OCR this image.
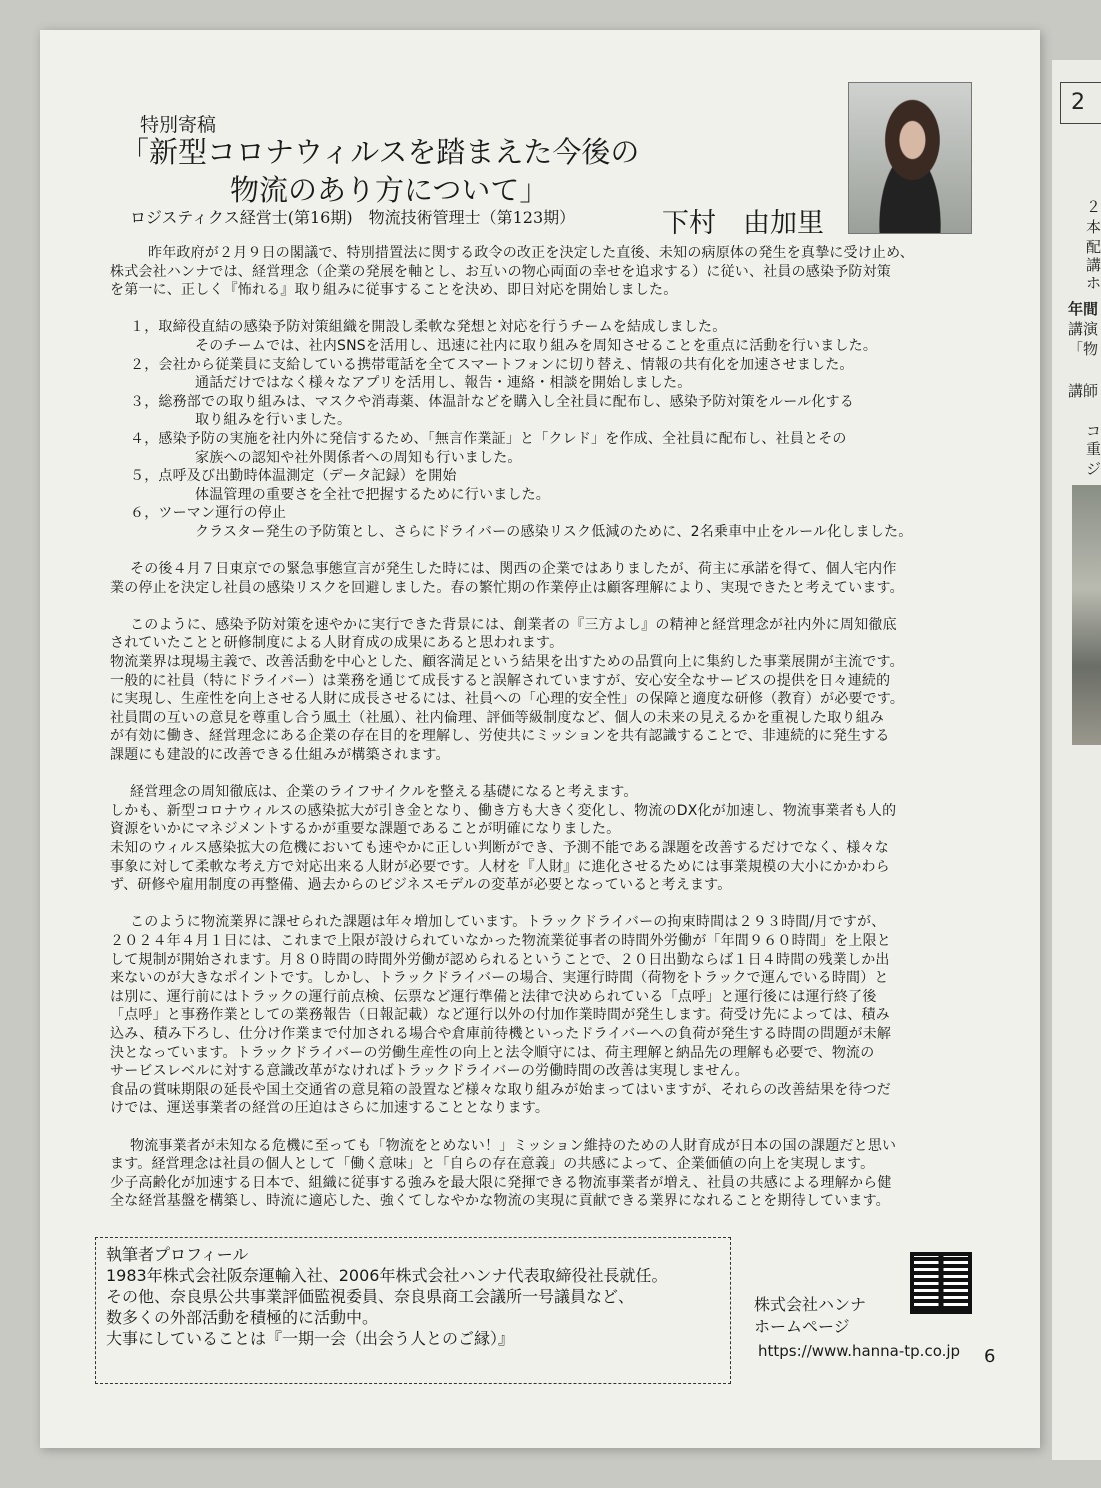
2
２
本
配
講
ホ
年間
講演
「物
講師
コ
重
ジ
特別寄稿
「新型コロナウィルスを踏まえた今後の
物流のあり方について」
ロジスティクス経営士(第16期)　物流技術管理士（第123期）	下村　由加里
昨年政府が２月９日の閣議で、特別措置法に関する政令の改正を決定した直後、未知の病原体の発生を真摯に受け止め、
株式会社ハンナでは、経営理念（企業の発展を軸とし、お互いの物心両面の幸せを追求する）に従い、社員の感染予防対策
を第一に、正しく『怖れる』取り組みに従事することを決め、即日対応を開始しました。
１，取締役直結の感染予防対策組織を開設し柔軟な発想と対応を行うチームを結成しました。
そのチームでは、社内SNSを活用し、迅速に社内に取り組みを周知させることを重点に活動を行いました。
２，会社から従業員に支給している携帯電話を全てスマートフォンに切り替え、情報の共有化を加速させました。
通話だけではなく様々なアプリを活用し、報告・連絡・相談を開始しました。
３，総務部での取り組みは、マスクや消毒薬、体温計などを購入し全社員に配布し、感染予防対策をルール化する
取り組みを行いました。
４，感染予防の実施を社内外に発信するため、「無言作業証」と「クレド」を作成、全社員に配布し、社員とその
家族への認知や社外関係者への周知も行いました。
５，点呼及び出勤時体温測定（データ記録）を開始
体温管理の重要さを全社で把握するために行いました。
６，ツーマン運行の停止
クラスター発生の予防策とし、さらにドライバーの感染リスク低減のために、2名乗車中止をルール化しました。
その後４月７日東京での緊急事態宣言が発生した時には、関西の企業ではありましたが、荷主に承諾を得て、個人宅内作
業の停止を決定し社員の感染リスクを回避しました。春の繁忙期の作業停止は顧客理解により、実現できたと考えています。
このように、感染予防対策を速やかに実行できた背景には、創業者の『三方よし』の精神と経営理念が社内外に周知徹底
されていたことと研修制度による人財育成の成果にあると思われます。
物流業界は現場主義で、改善活動を中心とした、顧客満足という結果を出すための品質向上に集約した事業展開が主流です。
一般的に社員（特にドライバー）は業務を通じて成長すると誤解されていますが、安心安全なサービスの提供を日々連続的
に実現し、生産性を向上させる人財に成長させるには、社員への「心理的安全性」の保障と適度な研修（教育）が必要です。
社員間の互いの意見を尊重し合う風土（社風）、社内倫理、評価等級制度など、個人の未来の見えるかを重視した取り組み
が有効に働き、経営理念にある企業の存在目的を理解し、労使共にミッションを共有認識することで、非連続的に発生する
課題にも建設的に改善できる仕組みが構築されます。
経営理念の周知徹底は、企業のライフサイクルを整える基礎になると考えます。
しかも、新型コロナウィルスの感染拡大が引き金となり、働き方も大きく変化し、物流のDX化が加速し、物流事業者も人的
資源をいかにマネジメントするかが重要な課題であることが明確になりました。
未知のウィルス感染拡大の危機においても速やかに正しい判断ができ、予測不能である課題を改善するだけでなく、様々な
事象に対して柔軟な考え方で対応出来る人財が必要です。人材を『人財』に進化させるためには事業規模の大小にかかわら
ず、研修や雇用制度の再整備、過去からのビジネスモデルの変革が必要となっていると考えます。
このように物流業界に課せられた課題は年々増加しています。トラックドライバーの拘束時間は２９３時間/月ですが、
２０２４年４月１日には、これまで上限が設けられていなかった物流業従事者の時間外労働が「年間９６０時間」を上限と
して規制が開始されます。月８０時間の時間外労働が認められるということで、２０日出勤ならば１日４時間の残業しか出
来ないのが大きなポイントです。しかし、トラックドライバーの場合、実運行時間（荷物をトラックで運んでいる時間）と
は別に、運行前にはトラックの運行前点検、伝票など運行準備と法律で決められている「点呼」と運行後には運行終了後
「点呼」と事務作業としての業務報告（日報記載）など運行以外の付加作業時間が発生します。荷受け先によっては、積み
込み、積み下ろし、仕分け作業まで付加される場合や倉庫前待機といったドライバーへの負荷が発生する時間の問題が未解
決となっています。トラックドライバーの労働生産性の向上と法令順守には、荷主理解と納品先の理解も必要で、物流の
サービスレベルに対する意識改革がなければトラックドライバーの労働時間の改善は実現しません。
食品の賞味期限の延長や国土交通省の意見箱の設置など様々な取り組みが始まってはいますが、それらの改善結果を待つだ
けでは、運送事業者の経営の圧迫はさらに加速することとなります。
物流事業者が未知なる危機に至っても「物流をとめない！」ミッション維持のための人財育成が日本の国の課題だと思い
ます。経営理念は社員の個人として「働く意味」と「自らの存在意義」の共感によって、企業価値の向上を実現します。
少子高齢化が加速する日本で、組織に従事する強みを最大限に発揮できる物流事業者が増え、社員の共感による理解から健
全な経営基盤を構築し、時流に適応した、強くてしなやかな物流の実現に貢献できる業界になれることを期待しています。
執筆者プロフィール
1983年株式会社阪奈運輸入社、2006年株式会社ハンナ代表取締役社長就任。
その他、奈良県公共事業評価監視委員、奈良県商工会議所一号議員など、
数多くの外部活動を積極的に活動中。
大事にしていることは『一期一会（出会う人とのご縁）』
株式会社ハンナ
ホームページ
https://www.hanna-tp.co.jp 6
